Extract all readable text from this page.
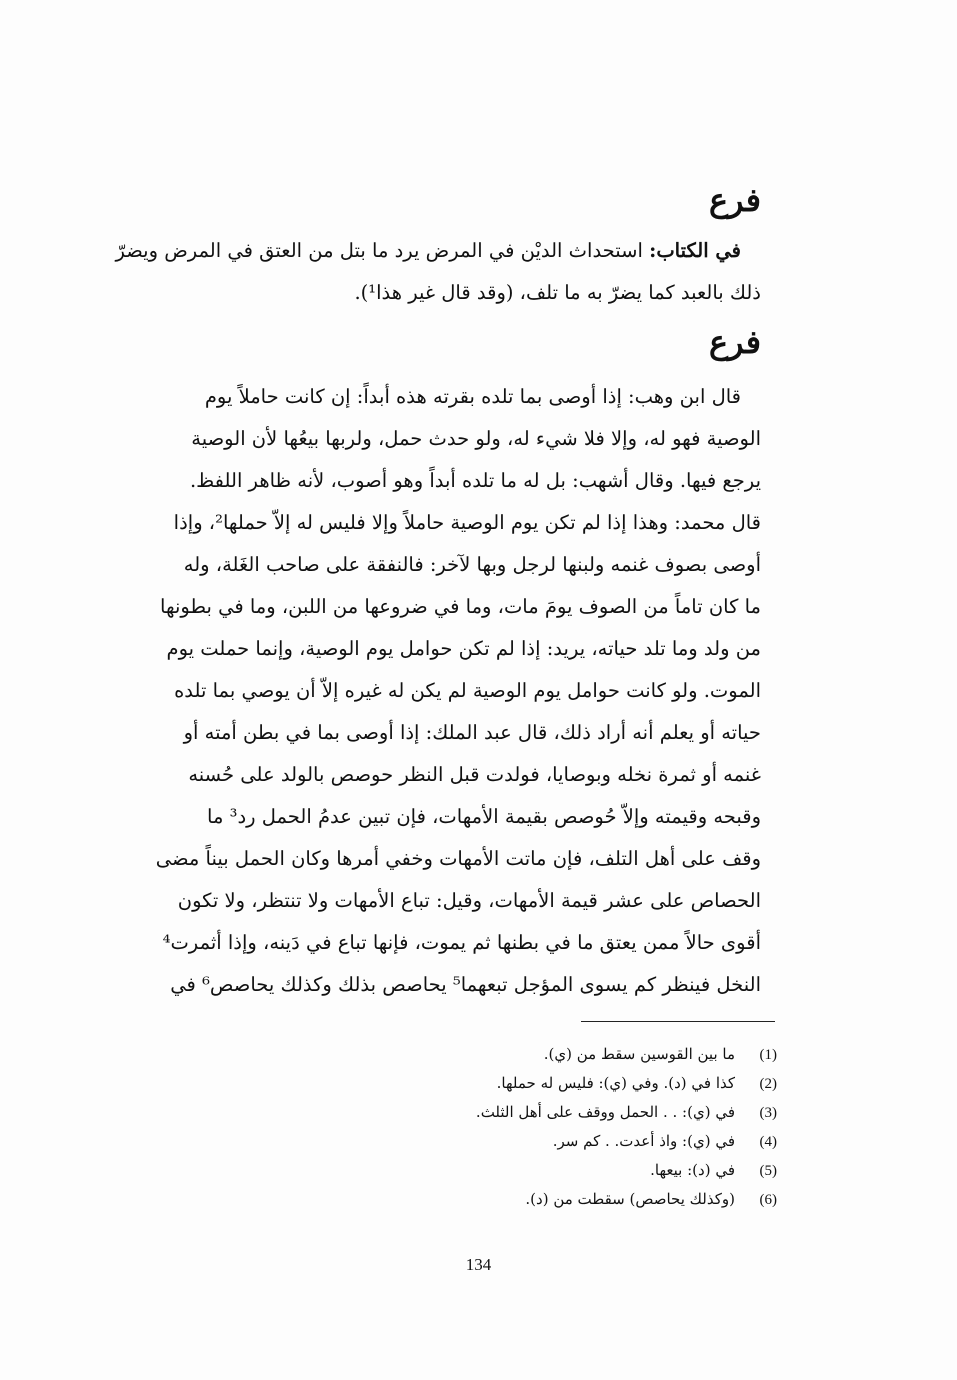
فرع
في الكتاب: استحداث الديْن في المرض يرد ما بتل من العتق في المرض ويضرّ
ذلك بالعبد كما يضرّ به ما تلف، (وقد قال غير هذا¹).
فرع
قال ابن وهب: إذا أوصى بما تلده بقرته هذه أبداً: إن كانت حاملاً يوم
الوصية فهو له، وإلا فلا شيء له، ولو حدث حمل، ولربها بيعُها لأن الوصية
يرجع فيها. وقال أشهب: بل له ما تلده أبداً وهو أصوب، لأنه ظاهر اللفظ.
قال محمد: وهذا إذا لم تكن يوم الوصية حاملاً وإلا فليس له إلاّ حملها²، وإذا
أوصى بصوف غنمه ولبنها لرجل وبها لآخر: فالنفقة على صاحب الغَلة، وله
ما كان تاماً من الصوف يومَ مات، وما في ضروعها من اللبن، وما في بطونها
من ولد وما تلد حياته، يريد: إذا لم تكن حوامل يوم الوصية، وإنما حملت يوم
الموت. ولو كانت حوامل يوم الوصية لم يكن له غيره إلاّ أن يوصي بما تلده
حياته أو يعلم أنه أراد ذلك، قال عبد الملك: إذا أوصى بما في بطن أمته أو
غنمه أو ثمرة نخله وبوصايا، فولدت قبل النظر حوصص بالولد على حُسنه
وقبحه وقيمته وإلاّ حُوصص بقيمة الأمهات، فإن تبين عدمُ الحمل رد³ ما
وقف على أهل التلف، فإن ماتت الأمهات وخفي أمرها وكان الحمل بيناً مضى
الحصاص على عشر قيمة الأمهات، وقيل: تباع الأمهات ولا تنتظر، ولا تكون
أقوى حالاً ممن يعتق ما في بطنها ثم يموت، فإنها تباع في دَينه، وإذا أثمرت⁴
النخل فينظر كم يسوى المؤجل تبعهما⁵ يحاصص بذلك وكذلك يحاصص⁶ في
(1)ما بين القوسين سقط من (ي).
(2)كذا في (د). وفي (ي): فليس له حملها.
(3)في (ي): . . الحمل ووقف على أهل الثلث.
(4)في (ي): واذ أعدت. . كم سر.
(5)في (د): بيعها.
(6)(وكذلك يحاصص) سقطت من (د).
134
